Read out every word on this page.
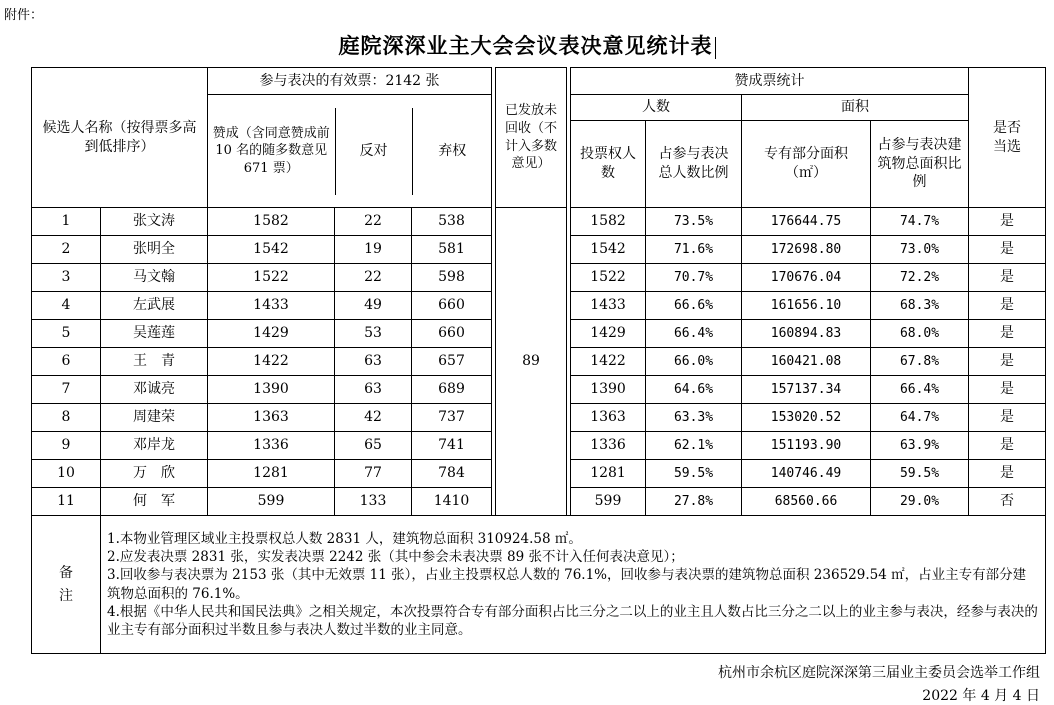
附件：
庭院深深业主大会会议表决意见统计表
候选人名称（按得票多高到低排序）	参与表决的有效票：2142 张		已发放未回收（不计入多数意见）		赞成票统计	是否当选

赞成（含同意赞成前10 名的随多数意见671 票）	反对	弃权
	人数	面积
投票权人数	占参与表决总人数比例	专有部分面积（㎡）	占参与表决建筑物总面积比例
1	张文涛	1582	22	538		89		1582	73.5%	176644.75	74.7%	是
2	张明全	1542	19	581	1542	71.6%	172698.80	73.0%	是
3	马文翰	1522	22	598	1522	70.7%	170676.04	72.2%	是
4	左武展	1433	49	660	1433	66.6%	161656.10	68.3%	是
5	吴莲莲	1429	53	660	1429	66.4%	160894.83	68.0%	是
6	王　青	1422	63	657	1422	66.0%	160421.08	67.8%	是
7	邓诚亮	1390	63	689	1390	64.6%	157137.34	66.4%	是
8	周建荣	1363	42	737	1363	63.3%	153020.52	64.7%	是
9	邓岸龙	1336	65	741	1336	62.1%	151193.90	63.9%	是
10	万　欣	1281	77	784	1281	59.5%	140746.49	59.5%	是
11	何　军	599	133	1410	599	27.8%	68560.66	29.0%	否
备注	
1.本物业管理区域业主投票权总人数 2831 人，建筑物总面积 310924.58 ㎡。
2.应发表决票 2831 张，实发表决票 2242 张（其中参会未表决票 89 张不计入任何表决意见）；
3.回收参与表决票为 2153 张（其中无效票 11 张），占业主投票权总人数的 76.1%，回收参与表决票的建筑物总面积 236529.54 ㎡，占业主专有部分建筑物总面积的 76.1%。
4.根据《中华人民共和国民法典》之相关规定，本次投票符合专有部分面积占比三分之二以上的业主且人数占比三分之二以上的业主参与表决，经参与表决的业主专有部分面积过半数且参与表决人数过半数的业主同意。
杭州市余杭区庭院深深第三届业主委员会选举工作组
2022 年 4 月 4 日
